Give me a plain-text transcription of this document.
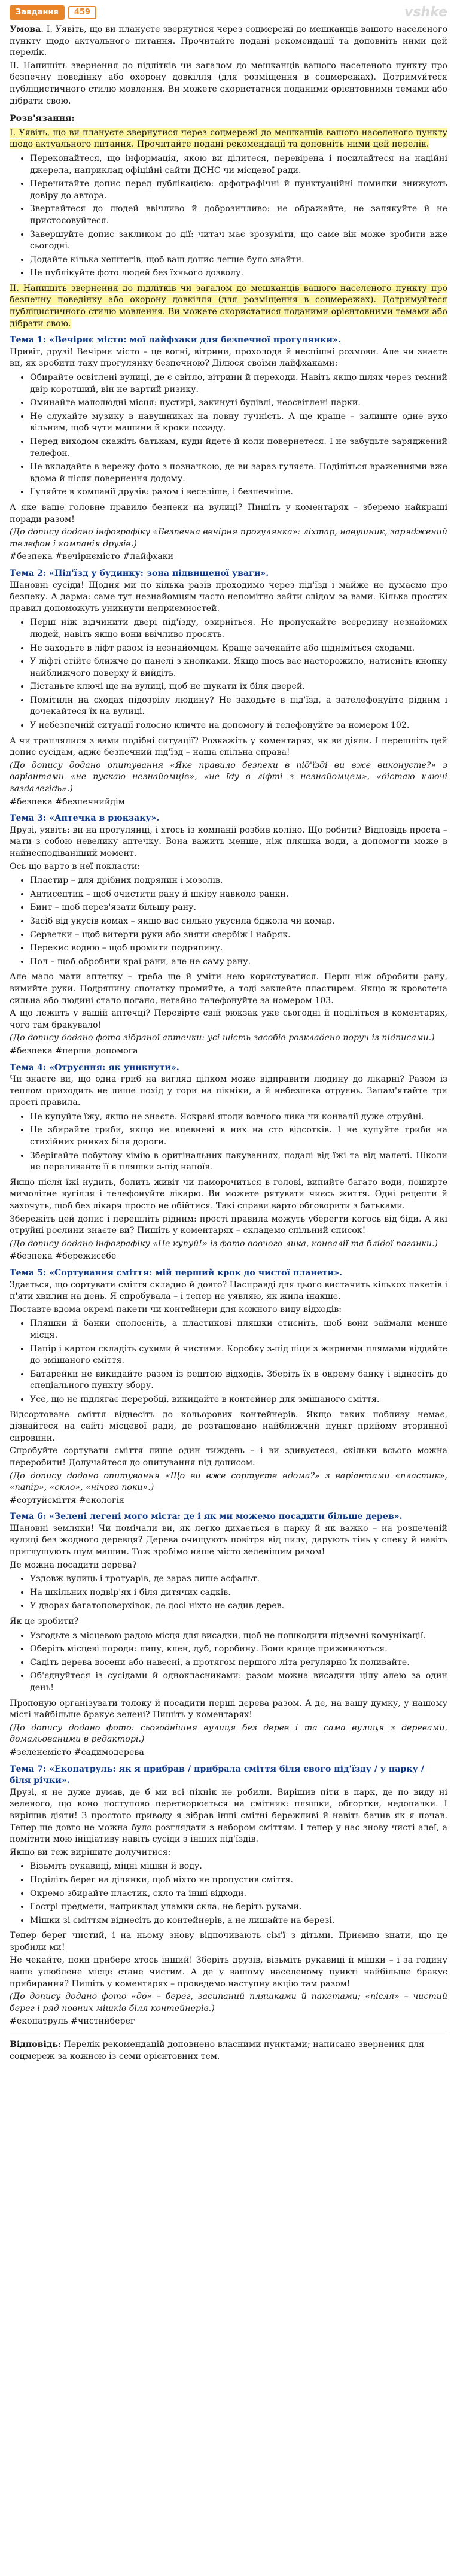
Завдання	459	vshke

Умова. I. Уявіть, що ви плануєте звернутися через соцмережі до мешканців вашого населеного пункту щодо актуального питання. Прочитайте подані рекомендації та доповніть ними цей перелік.

II. Напишіть звернення до підлітків чи загалом до мешканців вашого населеного пункту про безпечну поведінку або охорону довкілля (для розміщення в соцмережах). Дотримуйтеся публіцистичного стилю мовлення. Ви можете скористатися поданими орієнтовними темами або дібрати свою.

Розв'язання:

I. Уявіть, що ви плануєте звернутися через соцмережі до мешканців вашого населеного пункту щодо актуального питання. Прочитайте подані рекомендації та доповніть ними цей перелік.

• Переконайтеся, що інформація, якою ви ділитеся, перевірена і посилайтеся на надійні джерела, наприклад офіційні сайти ДСНС чи місцевої ради.
• Перечитайте допис перед публікацією: орфографічні й пунктуаційні помилки знижують довіру до автора.
• Звертайтеся до людей ввічливо й доброзичливо: не ображайте, не залякуйте й не пристосовуйтеся.
• Завершуйте допис закликом до дії: читач має зрозуміти, що саме він може зробити вже сьогодні.
• Додайте кілька хештегів, щоб ваш допис легше було знайти.
• Не публікуйте фото людей без їхнього дозволу.

II. Напишіть звернення до підлітків чи загалом до мешканців вашого населеного пункту про безпечну поведінку або охорону довкілля (для розміщення в соцмережах). Дотримуйтеся публіцистичного стилю мовлення. Ви можете скористатися поданими орієнтовними темами або дібрати свою.

Тема 1: «Вечірнє місто: мої лайфхаки для безпечної прогулянки».

Привіт, друзі! Вечірнє місто – це вогні, вітрини, прохолода й неспішні розмови. Але чи знаєте ви, як зробити таку прогулянку безпечною? Ділюся своїми лайфхаками:

• Обирайте освітлені вулиці, де є світло, вітрини й переходи. Навіть якщо шлях через темний двір коротший, він не вартий ризику.
• Оминайте малолюдні місця: пустирі, закинуті будівлі, неосвітлені парки.
• Не слухайте музику в навушниках на повну гучність. А ще краще – залиште одне вухо вільним, щоб чути машини й кроки позаду.
• Перед виходом скажіть батькам, куди йдете й коли повернетеся. І не забудьте заряджений телефон.
• Не вкладайте в вережу фото з позначкою, де ви зараз гуляєте. Поділіться враженнями вже вдома й після повернення додому.
• Гуляйте в компанії друзів: разом і веселіше, і безпечніше.

А яке ваше головне правило безпеки на вулиці? Пишіть у коментарях – зберемо найкращі поради разом!

(До допису додано інфографіку «Безпечна вечірня прогулянка»: ліхтар, навушник, заряджений телефон і компанія друзів.)

#безпека #вечірнємісто #лайфхаки

Тема 2: «Під'їзд у будинку: зона підвищеної уваги».

Шановні сусіди! Щодня ми по кілька разів проходимо через під'їзд і майже не думаємо про безпеку. А дарма: саме тут незнайомцям часто непомітно зайти слідом за вами. Кілька простих правил допоможуть уникнути неприємностей.

• Перш ніж відчинити двері під'їзду, озирніться. Не пропускайте всередину незнайомих людей, навіть якщо вони ввічливо просять.
• Не заходьте в ліфт разом із незнайомцем. Краще зачекайте або підніміться сходами.
• У ліфті стійте ближче до панелі з кнопками. Якщо щось вас насторожило, натисніть кнопку найближчого поверху й вийдіть.
• Дістаньте ключі ще на вулиці, щоб не шукати їх біля дверей.
• Помітили на сходах підозрілу людину? Не заходьте в під'їзд, а зателефонуйте рідним і дочекайтеся їх на вулиці.
• У небезпечній ситуації голосно кличте на допомогу й телефонуйте за номером 102.

А чи траплялися з вами подібні ситуації? Розкажіть у коментарях, як ви діяли. І перешліть цей допис сусідам, адже безпечний під'їзд – наша спільна справа!

(До допису додано опитування «Яке правило безпеки в під'їзді ви вже виконуєте?» з варіантами «не пускаю незнайомців», «не їду в ліфті з незнайомцем», «дістаю ключі заздалегідь».)

#безпека #безпечнийдім

Тема 3: «Аптечка в рюкзаку».

Друзі, уявіть: ви на прогулянці, і хтось із компанії розбив коліно. Що робити? Відповідь проста – мати з собою невелику аптечку. Вона важить менше, ніж пляшка води, а допомогти може в найнесподіваніший момент.

Ось що варто в неї покласти:

• Пластир – для дрібних подряпин і мозолів.
• Антисептик – щоб очистити рану й шкіру навколо ранки.
• Бинт – щоб перев'язати більшу рану.
• Засіб від укусів комах – якщо вас сильно укусила бджола чи комар.
• Серветки – щоб витерти руки або зняти свербіж і набряк.
• Перекис водню – щоб промити подряпину.
• Пол – щоб обробити краї рани, але не саму рану.

Але мало мати аптечку – треба ще й уміти нею користуватися. Перш ніж обробити рану, вимийте руки. Подряпину спочатку промийте, а тоді заклейте пластирем. Якщо ж кровотеча сильна або людині стало погано, негайно телефонуйте за номером 103.

А що лежить у вашій аптечці? Перевірте свій рюкзак уже сьогодні й поділіться в коментарях, чого там бракувало!

(До допису додано фото зібраної аптечки: усі шість засобів розкладено поруч із підписами.)

#безпека #перша_допомога

Тема 4: «Отруєння: як уникнути».

Чи знаєте ви, що одна гриб на вигляд цілком може відправити людину до лікарні? Разом із теплом приходить не лише похід у гори на пікніки, а й небезпека отруєнь. Запам'ятайте три прості правила.

• Не купуйте їжу, якщо не знаєте. Яскраві ягоди вовчого лика чи конвалії дуже отруйні.
• Не збирайте гриби, якщо не впевнені в них на сто відсотків. І не купуйте гриби на стихійних ринках біля дороги.
• Зберігайте побутову хімію в оригінальних пакуваннях, подалі від їжі та від малечі. Ніколи не переливайте її в пляшки з-під напоїв.

Якщо після їжі нудить, болить живіт чи паморочиться в голові, випийте багато води, поширте мимолітне вугілля і телефонуйте лікарю. Ви можете рятувати чиєсь життя. Одні рецепти й захочуть, щоб без лікаря просто не обійтися. Такі справи варто обговорити з батьками.

Збережіть цей допис і перешліть рідним: прості правила можуть уберегти когось від біди. А які отруйні рослини знаєте ви? Пишіть у коментарях – складемо спільний список!

(До допису додано інфографіку «Не купуй!» із фото вовчого лика, конвалії та блідої поганки.)

#безпека #бережисебе

Тема 5: «Сортування сміття: мій перший крок до чистої планети».

Здається, що сортувати сміття складно й довго? Насправді для цього вистачить кількох пакетів і п'яти хвилин на день. Я спробувала – і тепер не уявляю, як жила інакше.

Поставте вдома окремі пакети чи контейнери для кожного виду відходів:

• Пляшки й банки сполосніть, а пластикові пляшки стисніть, щоб вони займали менше місця.
• Папір і картон складіть сухими й чистими. Коробку з-під піци з жирними плямами віддайте до змішаного сміття.
• Батарейки не викидайте разом із рештою відходів. Зберіть їх в окрему банку і віднесіть до спеціального пункту збору.
• Усе, що не підлягає переробці, викидайте в контейнер для змішаного сміття.

Відсортоване сміття віднесіть до кольорових контейнерів. Якщо таких поблизу немає, дізнайтеся на сайті місцевої ради, де розташовано найближчий пункт прийому вторинної сировини.

Спробуйте сортувати сміття лише один тиждень – і ви здивуєтеся, скільки всього можна переробити! Долучайтеся до опитування під дописом.

(До допису додано опитування «Що ви вже сортуєте вдома?» з варіантами «пластик», «папір», «скло», «нічого поки».)

#сортуйсміття #екологія

Тема 6: «Зелені легені мого міста: де і як ми можемо посадити більше дерев».

Шановні земляки! Чи помічали ви, як легко дихається в парку й як важко – на розпеченій вулиці без жодного деревця? Дерева очищують повітря від пилу, дарують тінь у спеку й навіть приглушують шум машин. Тож зробімо наше місто зеленішим разом!

Де можна посадити дерева?

• Уздовж вулиць і тротуарів, де зараз лише асфальт.
• На шкільних подвір'ях і біля дитячих садків.
• У дворах багатоповерхівок, де досі ніхто не садив дерев.

Як це зробити?

• Узгодьте з місцевою радою місця для висадки, щоб не пошкодити підземні комунікації.
• Оберіть місцеві породи: липу, клен, дуб, горобину. Вони краще приживаються.
• Садіть дерева восени або навесні, а протягом першого літа регулярно їх поливайте.
• Об'єднуйтеся із сусідами й однокласниками: разом можна висадити цілу алею за один день!

Пропоную організувати толоку й посадити перші дерева разом. А де, на вашу думку, у нашому місті найбільше бракує зелені? Пишіть у коментарях!

(До допису додано фото: сьогоднішня вулиця без дерев і та сама вулиця з деревами, домальованими в редакторі.)

#зеленемісто #садимодерева

Тема 7: «Екопатруль: як я прибрав / прибрала сміття біля свого під'їзду / у парку / біля річки».

Друзі, я не дуже думав, де б ми всі пікнік не робили. Вирішив піти в парк, де по виду ні зеленого, що воно поступово перетворюється на смітник: пляшки, обгортки, недопалки. І вирішив діяти! З простого приводу я зібрав інші смітні бережливі й навіть бачив як я почав. Тепер ще довго не можна було розглядати з набором сміттям. І тепер у нас знову чисті алеї, а помітити мою ініціативу навіть сусіди з інших під'їздів.

Якщо ви теж вирішите долучитися:

• Візьміть рукавиці, міцні мішки й воду.
• Поділіть берег на ділянки, щоб ніхто не пропустив сміття.
• Окремо збирайте пластик, скло та інші відходи.
• Гострі предмети, наприклад уламки скла, не беріть руками.
• Мішки зі сміттям віднесіть до контейнерів, а не лишайте на березі.

Тепер берег чистий, і на ньому знову відпочивають сім'ї з дітьми. Приємно знати, що це зробили ми!

Не чекайте, поки прибере хтось інший! Зберіть друзів, візьміть рукавиці й мішки – і за годину ваше улюблене місце стане чистим. А де у вашому населеному пункті найбільше бракує прибирання? Пишіть у коментарях – проведемо наступну акцію там разом!

(До допису додано фото «до» – берег, засипаний пляшками й пакетами; «після» – чистий берег і ряд повних мішків біля контейнерів.)

#екопатруль #чистийберег

Відповідь: Перелік рекомендацій доповнено власними пунктами; написано звернення для соцмереж за кожною із семи орієнтовних тем.
